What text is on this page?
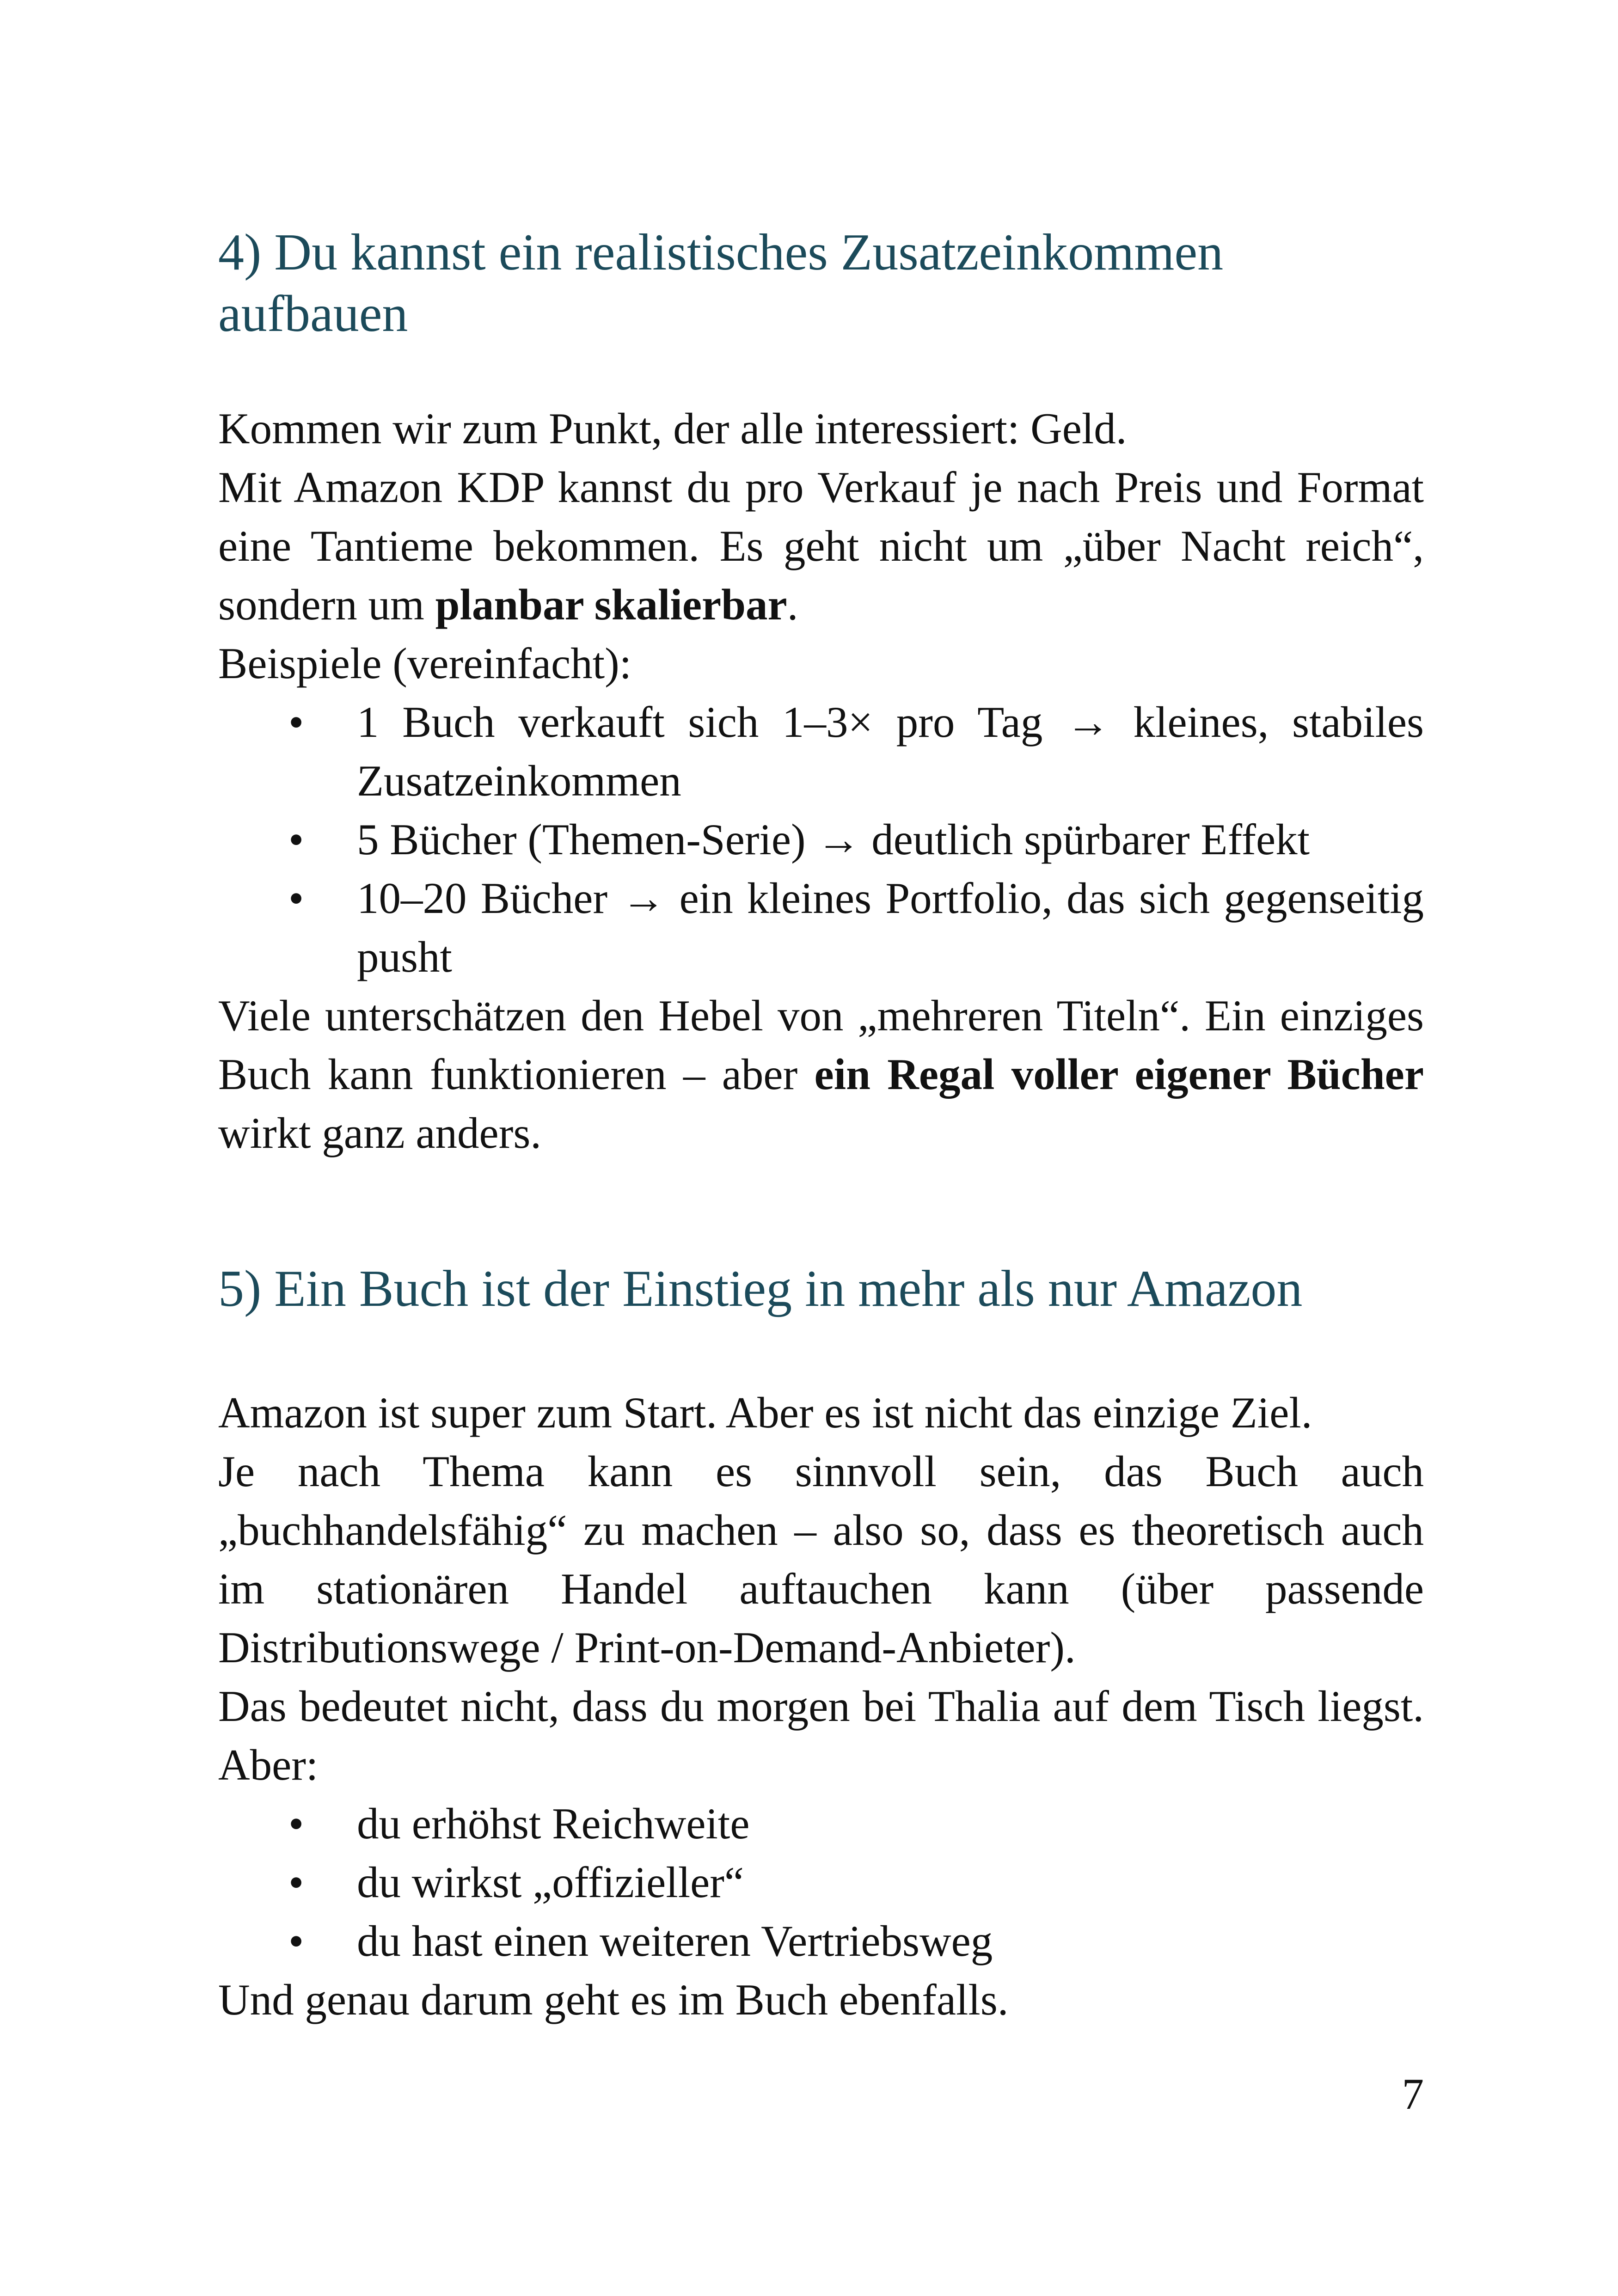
4) Du kannst ein realistisches Zusatzeinkommen aufbauen

Kommen wir zum Punkt, der alle interessiert: Geld.

Mit Amazon KDP kannst du pro Verkauf je nach Preis und Format eine Tantieme bekommen. Es geht nicht um „über Nacht reich“, sondern um planbar skalierbar.

Beispiele (vereinfacht):

• 1 Buch verkauft sich 1–3× pro Tag → kleines, stabiles Zusatzeinkommen
• 5 Bücher (Themen-Serie) → deutlich spürbarer Effekt
• 10–20 Bücher → ein kleines Portfolio, das sich gegenseitig pusht

Viele unterschätzen den Hebel von „mehreren Titeln“. Ein einziges Buch kann funktionieren – aber ein Regal voller eigener Bücher wirkt ganz anders.

5) Ein Buch ist der Einstieg in mehr als nur Amazon

Amazon ist super zum Start. Aber es ist nicht das einzige Ziel.

Je nach Thema kann es sinnvoll sein, das Buch auch „buchhandelsfähig“ zu machen – also so, dass es theoretisch auch im stationären Handel auftauchen kann (über passende Distributionswege / Print-on-Demand-Anbieter).

Das bedeutet nicht, dass du morgen bei Thalia auf dem Tisch liegst. Aber:

• du erhöhst Reichweite
• du wirkst „offizieller“
• du hast einen weiteren Vertriebsweg

Und genau darum geht es im Buch ebenfalls.

7
